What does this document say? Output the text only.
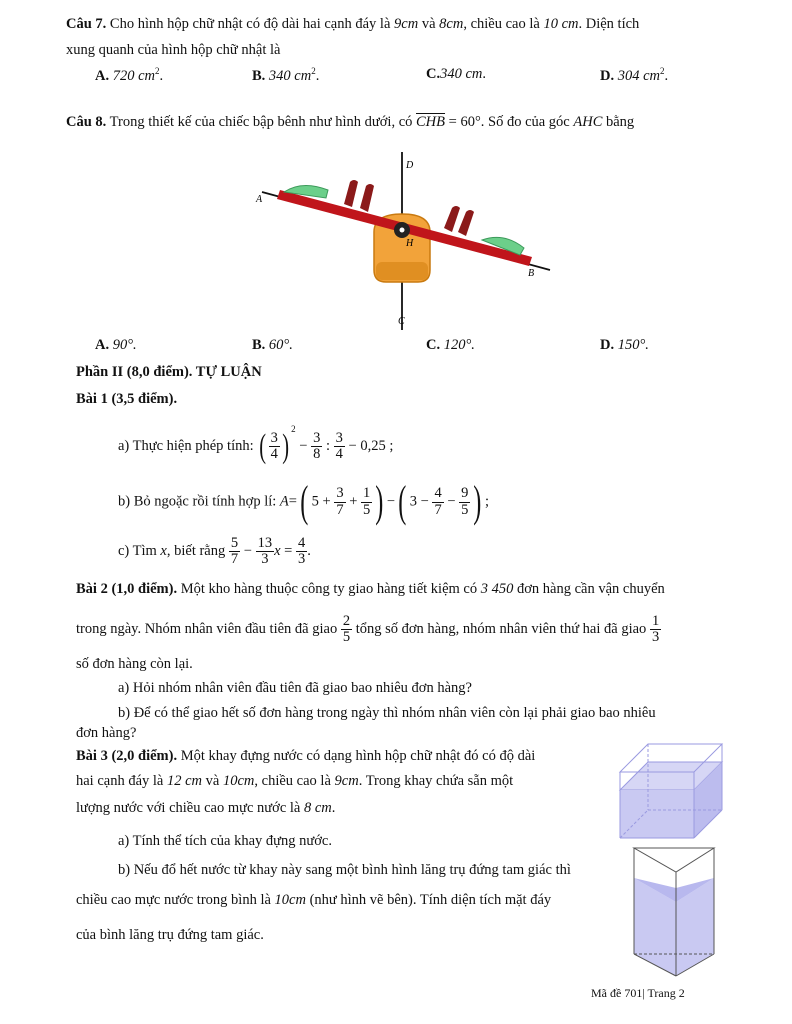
Câu 7. Cho hình hộp chữ nhật có độ dài hai cạnh đáy là 9cm và 8cm, chiều cao là 10 cm. Diện tích
xung quanh của hình hộp chữ nhật là
A. 720 $cm^2$.	B. 340 $cm^2$.	C.340 cm.	D. 304 $cm^2$.
Câu 8. Trong thiết kế của chiếc bập bênh như hình dưới, có $\overline{CHB} = 60^\circ$. Số đo của góc AHC bằng
D
A
H
B
C
A. 90°.	B. 60°.	C. 120°.	D. 150°.
Phần II (8,0 điểm). TỰ LUẬN
Bài 1 (3,5 điểm).
a) Thực hiện phép tính: ( $\frac{3}{4}$ ) $^2 - \frac{3}{8}$ : $\frac{3}{4} - 0,25$ ;
b) Bỏ ngoặc rồi tính hợp lí: A=( $5 + \frac{3}{7} + \frac{1}{5}$ ) −( $3 - \frac{4}{7} - \frac{9}{5}$ ) ;
c) Tìm x, biết rằng $\frac{5}{7} - \frac{13}{3}$ $x = \frac{4}{3}$ .
Bài 2 (1,0 điểm). Một kho hàng thuộc công ty giao hàng tiết kiệm có 3 450 đơn hàng cần vận chuyển
trong ngày. Nhóm nhân viên đầu tiên đã giao $\frac{2}{5}$ tổng số đơn hàng, nhóm nhân viên thứ hai đã giao $\frac{1}{3}$
số đơn hàng còn lại.
a) Hỏi nhóm nhân viên đầu tiên đã giao bao nhiêu đơn hàng?
b) Để có thể giao hết số đơn hàng trong ngày thì nhóm nhân viên còn lại phải giao bao nhiêu
đơn hàng?
Bài 3 (2,0 điểm). Một khay đựng nước có dạng hình hộp chữ nhật đó có độ dài
hai cạnh đáy là 12 cm và 10cm, chiều cao là 9cm. Trong khay chứa sẵn một
lượng nước với chiều cao mực nước là 8 cm.
a) Tính thể tích của khay đựng nước.
b) Nếu đổ hết nước từ khay này sang một bình hình lăng trụ đứng tam giác thì
chiều cao mực nước trong bình là 10cm (như hình vẽ bên). Tính diện tích mặt đáy
của bình lăng trụ đứng tam giác.
Mã đề 701| Trang 2
